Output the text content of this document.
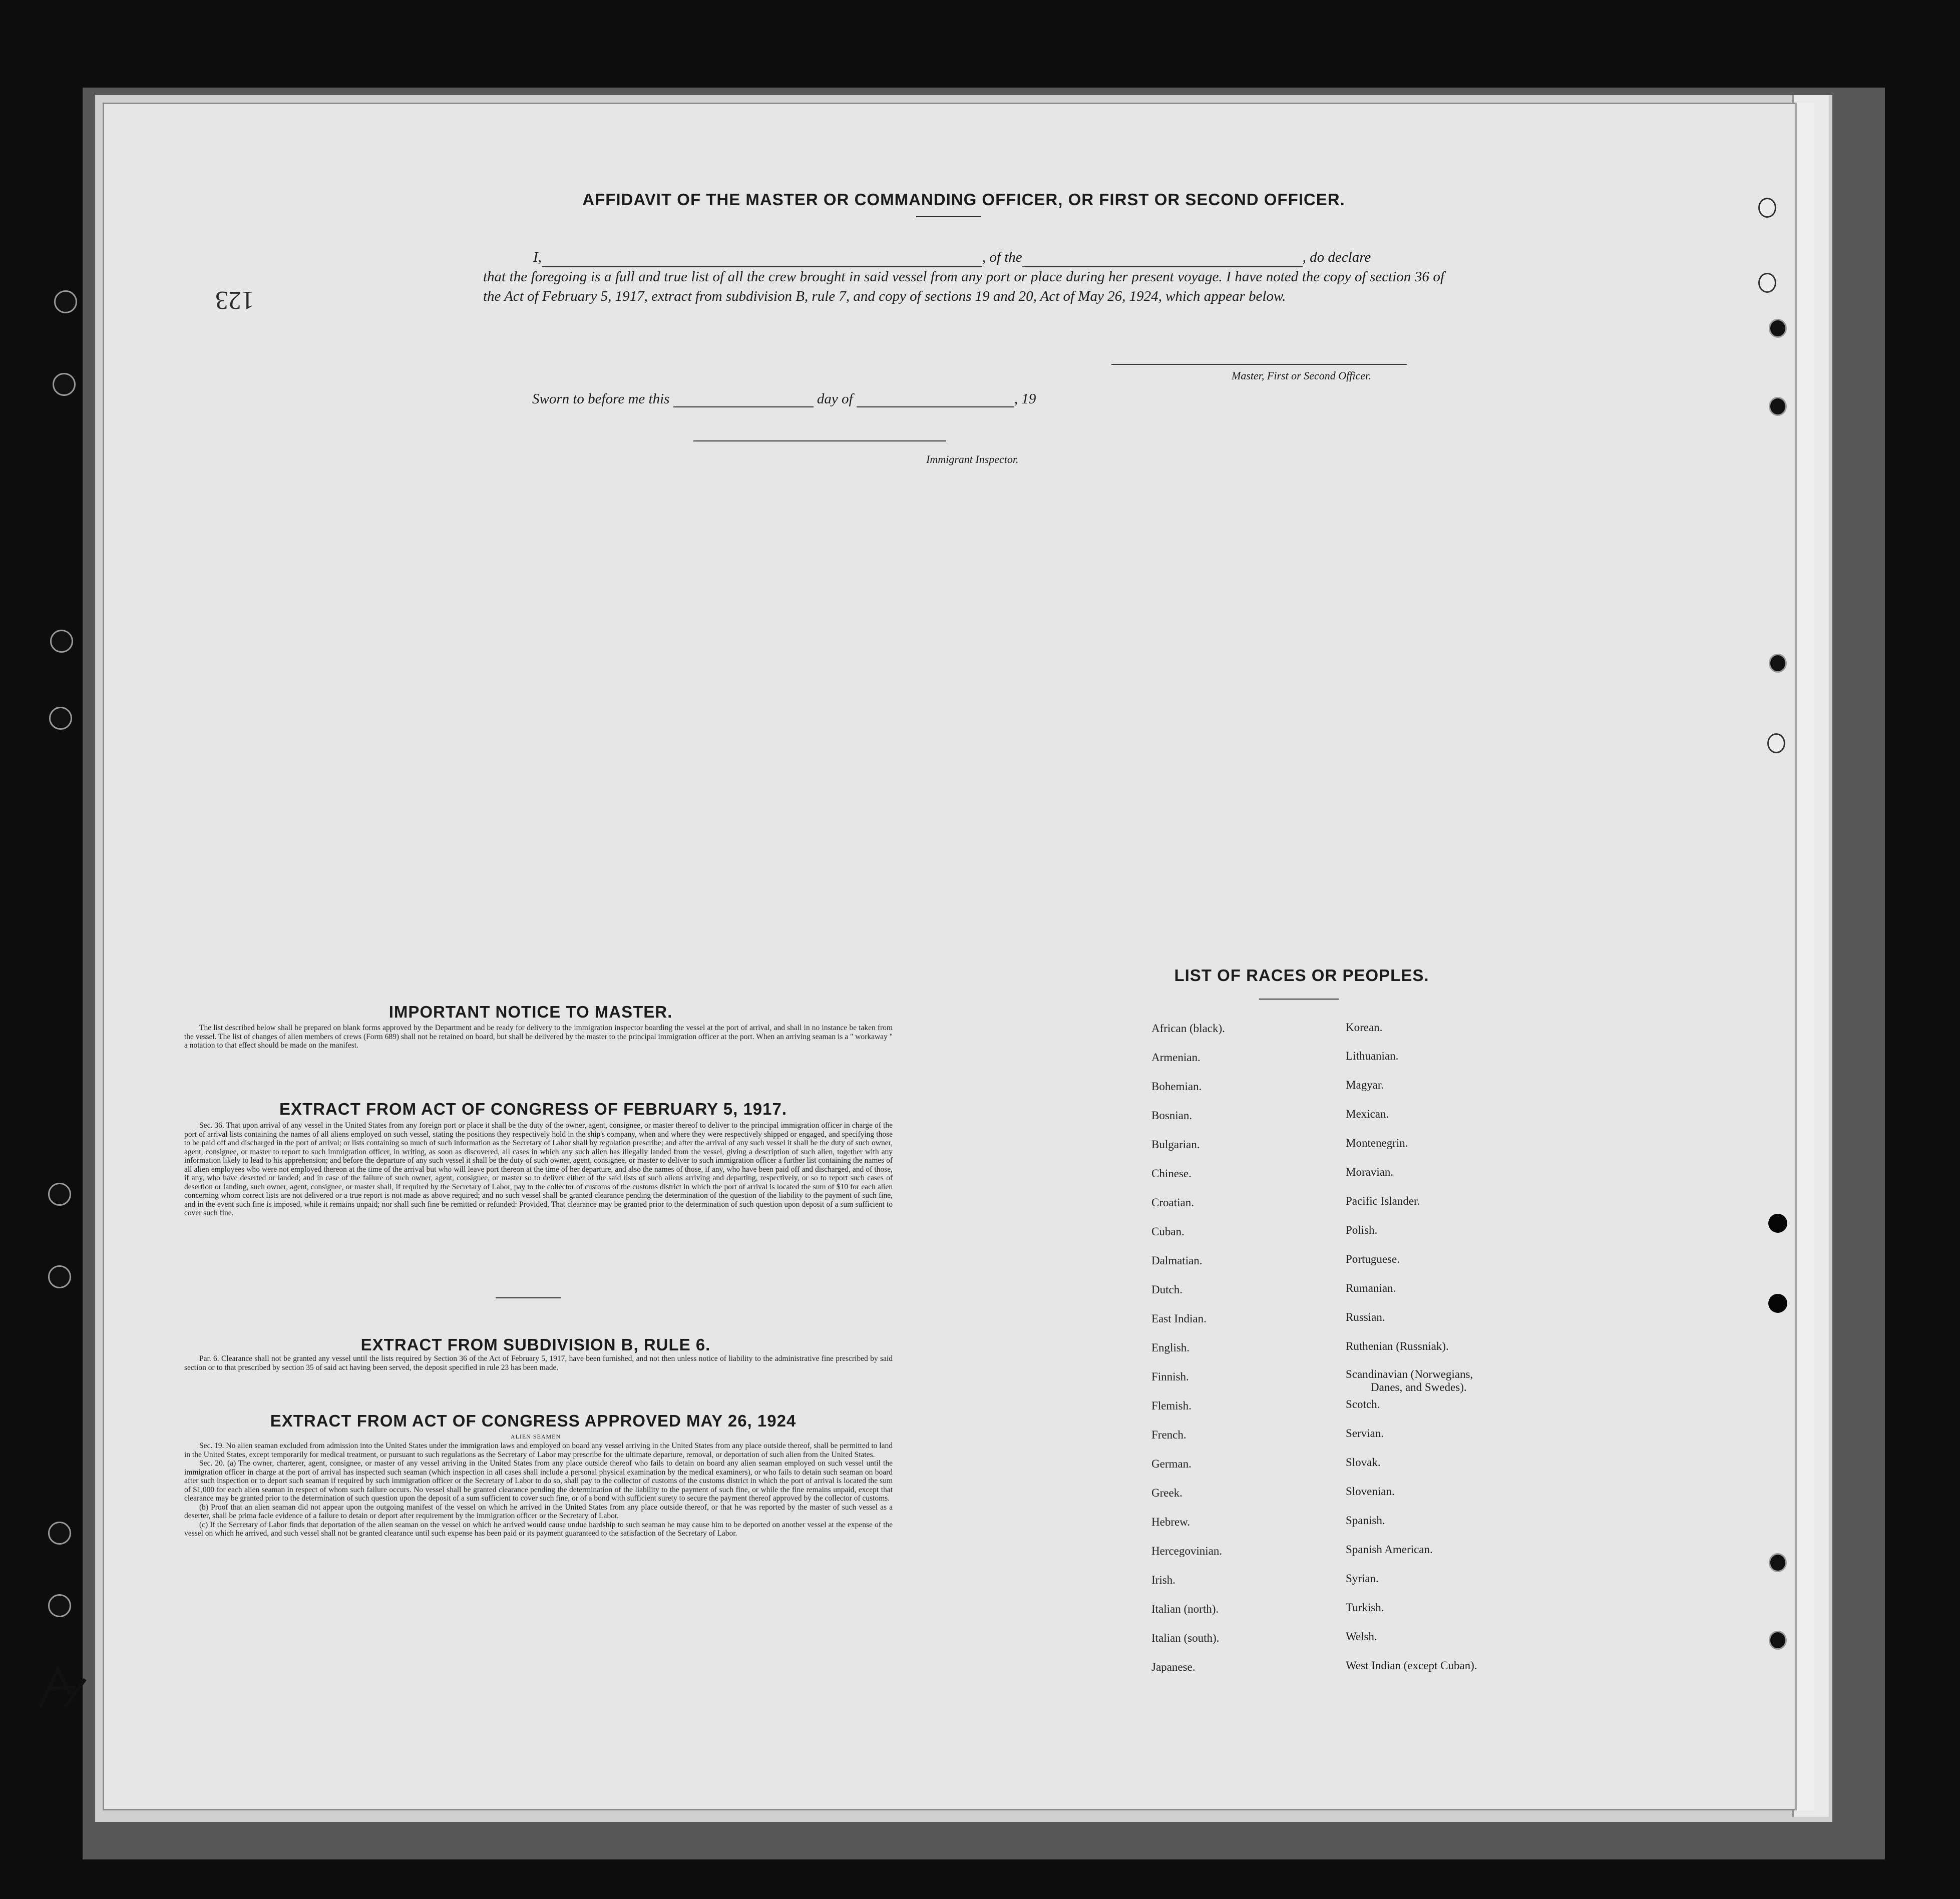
123
AFFIDAVIT OF THE MASTER OR COMMANDING OFFICER, OR FIRST OR SECOND OFFICER.
I,	, of the	, do declare
that the foregoing is a full and true list of all the crew brought in said vessel from any port or place during her present voyage. I have noted the copy of section 36 of the Act of February 5, 1917, extract from subdivision B, rule 7, and copy of sections 19 and 20, Act of May 26, 1924, which appear below.
Master, First or Second Officer.
Sworn to before me this	day of	, 19
Immigrant Inspector.
IMPORTANT NOTICE TO MASTER.

The list described below shall be prepared on blank forms approved by the Department and be ready for delivery to the immigration inspector boarding the vessel at the port of arrival, and shall in no instance be taken from the vessel. The list of changes of alien members of crews (Form 689) shall not be retained on board, but shall be delivered by the master to the principal immigration officer at the port. When an arriving seaman is a " workaway " a notation to that effect should be made on the manifest.

EXTRACT FROM ACT OF CONGRESS OF FEBRUARY 5, 1917.

Sec. 36. That upon arrival of any vessel in the United States from any foreign port or place it shall be the duty of the owner, agent, consignee, or master thereof to deliver to the principal immigration officer in charge of the port of arrival lists containing the names of all aliens employed on such vessel, stating the positions they respectively hold in the ship's company, when and where they were respectively shipped or engaged, and specifying those to be paid off and discharged in the port of arrival; or lists containing so much of such information as the Secretary of Labor shall by regulation prescribe; and after the arrival of any such vessel it shall be the duty of such owner, agent, consignee, or master to report to such immigration officer, in writing, as soon as discovered, all cases in which any such alien has illegally landed from the vessel, giving a description of such alien, together with any information likely to lead to his apprehension; and before the departure of any such vessel it shall be the duty of such owner, agent, consignee, or master to deliver to such immigration officer a further list containing the names of all alien employees who were not employed thereon at the time of the arrival but who will leave port thereon at the time of her departure, and also the names of those, if any, who have been paid off and discharged, and of those, if any, who have deserted or landed; and in case of the failure of such owner, agent, consignee, or master so to deliver either of the said lists of such aliens arriving and departing, respectively, or so to report such cases of desertion or landing, such owner, agent, consignee, or master shall, if required by the Secretary of Labor, pay to the collector of customs of the customs district in which the port of arrival is located the sum of $10 for each alien concerning whom correct lists are not delivered or a true report is not made as above required; and no such vessel shall be granted clearance pending the determination of the question of the liability to the payment of such fine, and in the event such fine is imposed, while it remains unpaid; nor shall such fine be remitted or refunded: Provided, That clearance may be granted prior to the determination of such question upon deposit of a sum sufficient to cover such fine.

EXTRACT FROM SUBDIVISION B, RULE 6.

Par. 6. Clearance shall not be granted any vessel until the lists required by Section 36 of the Act of February 5, 1917, have been furnished, and not then unless notice of liability to the administrative fine prescribed by said section or to that prescribed by section 35 of said act having been served, the deposit specified in rule 23 has been made.

EXTRACT FROM ACT OF CONGRESS APPROVED MAY 26, 1924
ALIEN SEAMEN

Sec. 19. No alien seaman excluded from admission into the United States under the immigration laws and employed on board any vessel arriving in the United States from any place outside thereof, shall be permitted to land in the United States, except temporarily for medical treatment, or pursuant to such regulations as the Secretary of Labor may prescribe for the ultimate departure, removal, or deportation of such alien from the United States.

Sec. 20. (a) The owner, charterer, agent, consignee, or master of any vessel arriving in the United States from any place outside thereof who fails to detain on board any alien seaman employed on such vessel until the immigration officer in charge at the port of arrival has inspected such seaman (which inspection in all cases shall include a personal physical examination by the medical examiners), or who fails to detain such seaman on board after such inspection or to deport such seaman if required by such immigration officer or the Secretary of Labor to do so, shall pay to the collector of customs of the customs district in which the port of arrival is located the sum of $1,000 for each alien seaman in respect of whom such failure occurs. No vessel shall be granted clearance pending the determination of the liability to the payment of such fine, or while the fine remains unpaid, except that clearance may be granted prior to the determination of such question upon the deposit of a sum sufficient to cover such fine, or of a bond with sufficient surety to secure the payment thereof approved by the collector of customs.

(b) Proof that an alien seaman did not appear upon the outgoing manifest of the vessel on which he arrived in the United States from any place outside thereof, or that he was reported by the master of such vessel as a deserter, shall be prima facie evidence of a failure to detain or deport after requirement by the immigration officer or the Secretary of Labor.

(c) If the Secretary of Labor finds that deportation of the alien seaman on the vessel on which he arrived would cause undue hardship to such seaman he may cause him to be deported on another vessel at the expense of the vessel on which he arrived, and such vessel shall not be granted clearance until such expense has been paid or its payment guaranteed to the satisfaction of the Secretary of Labor.

LIST OF RACES OR PEOPLES.
African (black).
Armenian.
Bohemian.
Bosnian.
Bulgarian.
Chinese.
Croatian.
Cuban.
Dalmatian.
Dutch.
East Indian.
English.
Finnish.
Flemish.
French.
German.
Greek.
Hebrew.
Hercegovinian.
Irish.
Italian (north).
Italian (south).
Japanese.
Korean.
Lithuanian.
Magyar.
Mexican.
Montenegrin.
Moravian.
Pacific Islander.
Polish.
Portuguese.
Rumanian.
Russian.
Ruthenian (Russniak).
Scandinavian (Norwegians,
Danes, and Swedes).
Scotch.
Servian.
Slovak.
Slovenian.
Spanish.
Spanish American.
Syrian.
Turkish.
Welsh.
West Indian (except Cuban).
